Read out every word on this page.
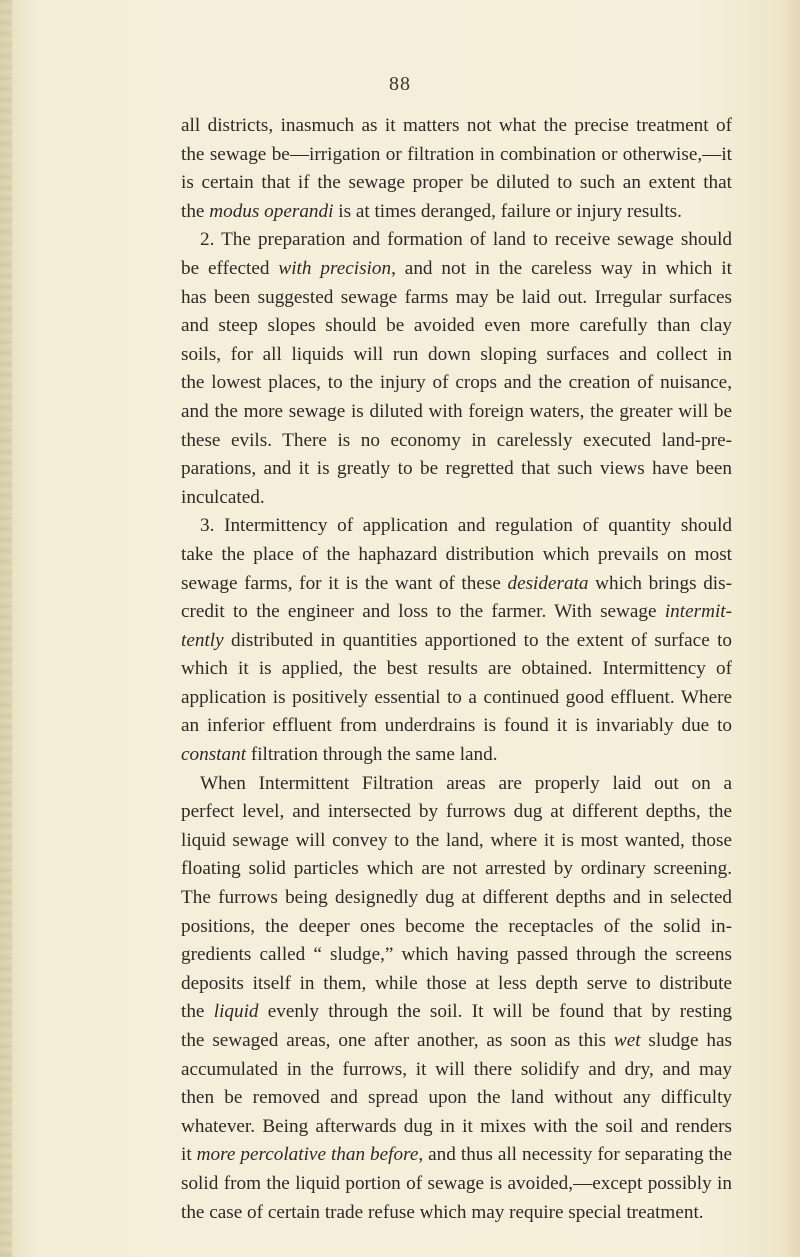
88
all districts, inasmuch as it matters not what the precise treatment of
the sewage be—irrigation or filtration in combination or otherwise,—it
is certain that if the sewage proper be diluted to such an extent that
the modus operandi is at times deranged, failure or injury results.
2. The preparation and formation of land to receive sewage should
be effected with precision, and not in the careless way in which it
has been suggested sewage farms may be laid out. Irregular surfaces
and steep slopes should be avoided even more carefully than clay
soils, for all liquids will run down sloping surfaces and collect in
the lowest places, to the injury of crops and the creation of nuisance,
and the more sewage is diluted with foreign waters, the greater will be
these evils. There is no economy in carelessly executed land-pre-
parations, and it is greatly to be regretted that such views have been
inculcated.
3. Intermittency of application and regulation of quantity should
take the place of the haphazard distribution which prevails on most
sewage farms, for it is the want of these desiderata which brings dis-
credit to the engineer and loss to the farmer. With sewage intermit-
tently distributed in quantities apportioned to the extent of surface to
which it is applied, the best results are obtained. Intermittency of
application is positively essential to a continued good effluent. Where
an inferior effluent from underdrains is found it is invariably due to
constant filtration through the same land.
When Intermittent Filtration areas are properly laid out on a
perfect level, and intersected by furrows dug at different depths, the
liquid sewage will convey to the land, where it is most wanted, those
floating solid particles which are not arrested by ordinary screening.
The furrows being designedly dug at different depths and in selected
positions, the deeper ones become the receptacles of the solid in-
gredients called “ sludge,” which having passed through the screens
deposits itself in them, while those at less depth serve to distribute
the liquid evenly through the soil. It will be found that by resting
the sewaged areas, one after another, as soon as this wet sludge has
accumulated in the furrows, it will there solidify and dry, and may
then be removed and spread upon the land without any difficulty
whatever. Being afterwards dug in it mixes with the soil and renders
it more percolative than before, and thus all necessity for separating the
solid from the liquid portion of sewage is avoided,—except possibly in
the case of certain trade refuse which may require special treatment.
